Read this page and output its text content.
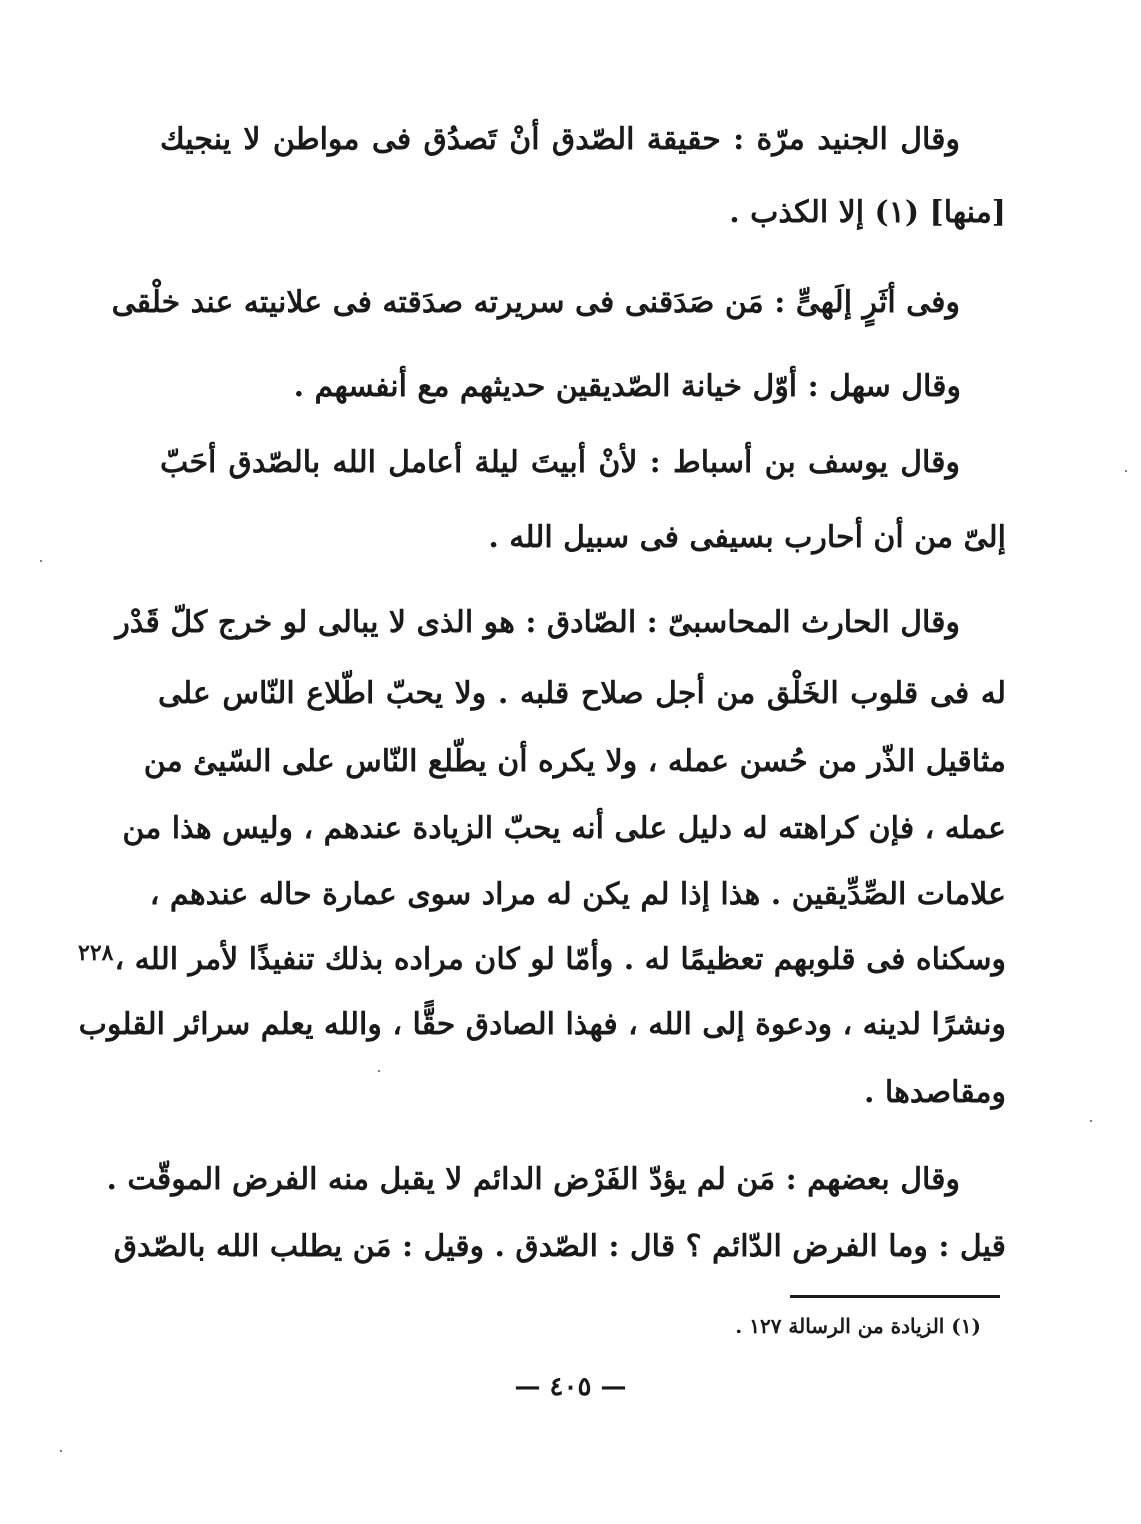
وقال الجنيد مرّة : حقيقة الصّدق أنْ تَصدُق فى مواطن لا ينجيك
[منها] (١) إلا الكذب .
وفى أثَرٍ إلَهىٍّ : مَن صَدَقنى فى سريرته صدَقته فى علانيته عند خلْقى
وقال سهل : أوّل خيانة الصّديقين حديثهم مع أنفسهم .
وقال يوسف بن أسباط : لأنْ أبيتَ ليلة أعامل الله بالصّدق أحَبّ
إلىّ من أن أحارب بسيفى فى سبيل الله .
وقال الحارث المحاسبىّ : الصّادق : هو الذى لا يبالى لو خرج كلّ قَدْر
له فى قلوب الخَلْق من أجل صلاح قلبه . ولا يحبّ اطّلاع النّاس على
مثاقيل الذّر من حُسن عمله ، ولا يكره أن يطّلع النّاس على السّيئ من
عمله ، فإن كراهته له دليل على أنه يحبّ الزيادة عندهم ، وليس هذا من
علامات الصِّدِّيقين . هذا إذا لم يكن له مراد سوى عمارة حاله عندهم ،
وسكناه فى قلوبهم تعظيمًا له . وأمّا لو كان مراده بذلك تنفيذًا لأمر الله ،
ونشرًا لدينه ، ودعوة إلى الله ، فهذا الصادق حقًّا ، والله يعلم سرائر القلوب
ومقاصدها .
وقال بعضهم : مَن لم يؤدّ الفَرْض الدائم لا يقبل منه الفرض الموقّت .
قيل : وما الفرض الدّائم ؟ قال : الصّدق . وقيل : مَن يطلب الله بالصّدق
٢٢٨
(١) الزيادة من الرسالة ١٢٧ .
— ٤٠٥ —
